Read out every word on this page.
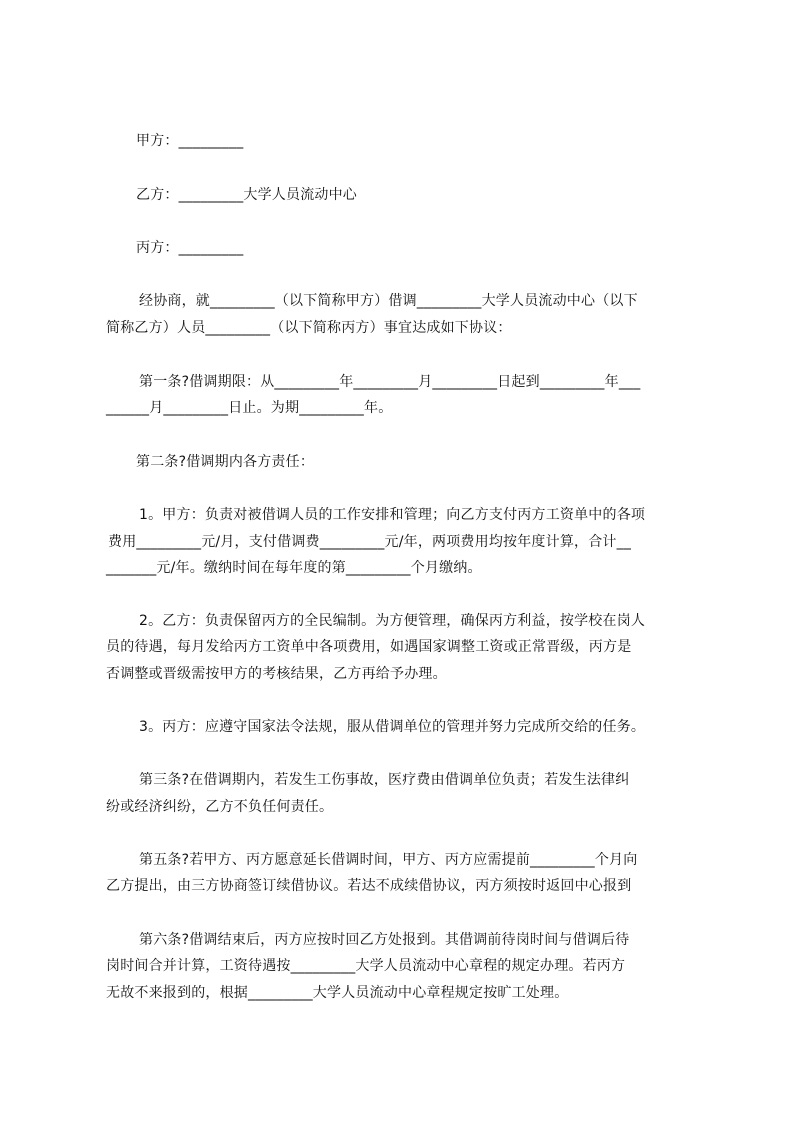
甲方：_________
乙方：_________大学人员流动中心
丙方：_________
经协商，就_________（以下简称甲方）借调_________大学人员流动中心（以下
简称乙方）人员_________（以下简称丙方）事宜达成如下协议：
第一条?借调期限：从_________年_________月_________日起到_________年___
______月_________日止。为期_________年。
第二条?借调期内各方责任：
1。甲方：负责对被借调人员的工作安排和管理；向乙方支付丙方工资单中的各项
费用_________元/月，支付借调费_________元/年，两项费用均按年度计算，合计__
_______元/年。缴纳时间在每年度的第_________个月缴纳。
2。乙方：负责保留丙方的全民编制。为方便管理，确保丙方利益，按学校在岗人
员的待遇，每月发给丙方工资单中各项费用，如遇国家调整工资或正常晋级，丙方是
否调整或晋级需按甲方的考核结果，乙方再给予办理。
3。丙方：应遵守国家法令法规，服从借调单位的管理并努力完成所交给的任务。
第三条?在借调期内，若发生工伤事故，医疗费由借调单位负责；若发生法律纠
纷或经济纠纷，乙方不负任何责任。
第五条?若甲方、丙方愿意延长借调时间，甲方、丙方应需提前_________个月向
乙方提出，由三方协商签订续借协议。若达不成续借协议，丙方须按时返回中心报到
第六条?借调结束后，丙方应按时回乙方处报到。其借调前待岗时间与借调后待
岗时间合并计算，工资待遇按_________大学人员流动中心章程的规定办理。若丙方
无故不来报到的，根据_________大学人员流动中心章程规定按旷工处理。
